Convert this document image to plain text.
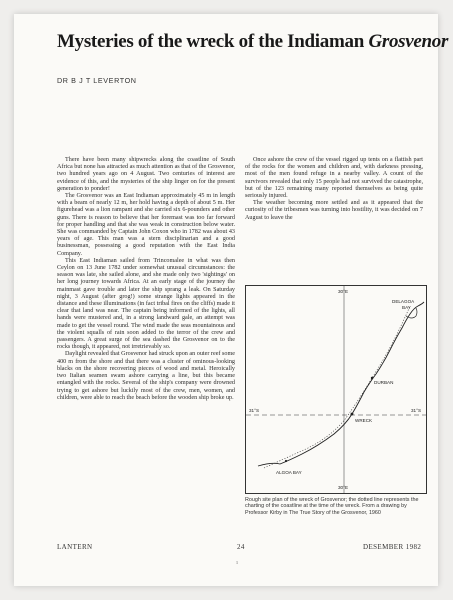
Mysteries of the wreck of the Indiaman Grosvenor
DR B J T LEVERTON

There have been many shipwrecks along the coastline of South Africa but none has attracted as much attention as that of the Grosvenor, two hundred years ago on 4 August. Two centuries of interest are evidence of this, and the mysteries of the ship linger on for the present generation to ponder!

The Grosvenor was an East Indiaman approximately 45 m in length with a beam of nearly 12 m, her hold having a depth of about 5 m. Her figurehead was a lion rampant and she carried six 6-pounders and other guns. There is reason to believe that her foremast was too far forward for proper handling and that she was weak in construction below water. She was commanded by Captain John Coxon who in 1782 was about 43 years of age. This man was a stern disciplinarian and a good businessman, possessing a good reputation with the East India Company.

This East Indiaman sailed from Trincomalee in what was then Ceylon on 13 June 1782 under somewhat unusual circumstances: the season was late, she sailed alone, and she made only two 'sightings' on her long journey towards Africa. At an early stage of the journey the mainmast gave trouble and later the ship sprang a leak. On Saturday night, 3 August (after grog!) some strange lights appeared in the distance and these illuminations (in fact tribal fires on the cliffs) made it clear that land was near. The captain being informed of the lights, all hands were mustered and, in a strong landward gale, an attempt was made to get the vessel round. The wind made the seas mountainous and the violent squalls of rain soon added to the terror of the crew and passengers. A great surge of the sea dashed the Grosvenor on to the rocks though, it appeared, not irretrievably so.

Daylight revealed that Grosvenor had struck upon an outer reef some 400 m from the shore and that there was a cluster of ominous-looking blacks on the shore recovering pieces of wood and metal. Heroically two Italian seamen swam ashore carrying a line, but this became entangled with the rocks. Several of the ship's company were drowned trying to get ashore but luckily most of the crew, men, women, and children, were able to reach the beach before the wooden ship broke up.

Once ashore the crew of the vessel rigged up tents on a flattish part of the rocks for the women and children and, with darkness pressing, most of the men found refuge in a nearby valley. A count of the survivors revealed that only 15 people had not survived the catastrophe, but of the 123 remaining many reported themselves as being quite seriously injured.

The weather becoming more settled and as it appeared that the curiosity of the tribesmen was turning into hostility, it was decided on 7 August to leave the

DELAGOA BAY
DURBAN
WRECK
ALGOA BAY
31°S	31°S
30°E
30°E
Rough site plan of the wreck of Grosvenor; the dotted line represents the charting of the coastline at the time of the wreck. From a drawing by Professor Kirby in The True Story of the Grosvenor, 1960
LANTERN	24	DESEMBER 1982
1
